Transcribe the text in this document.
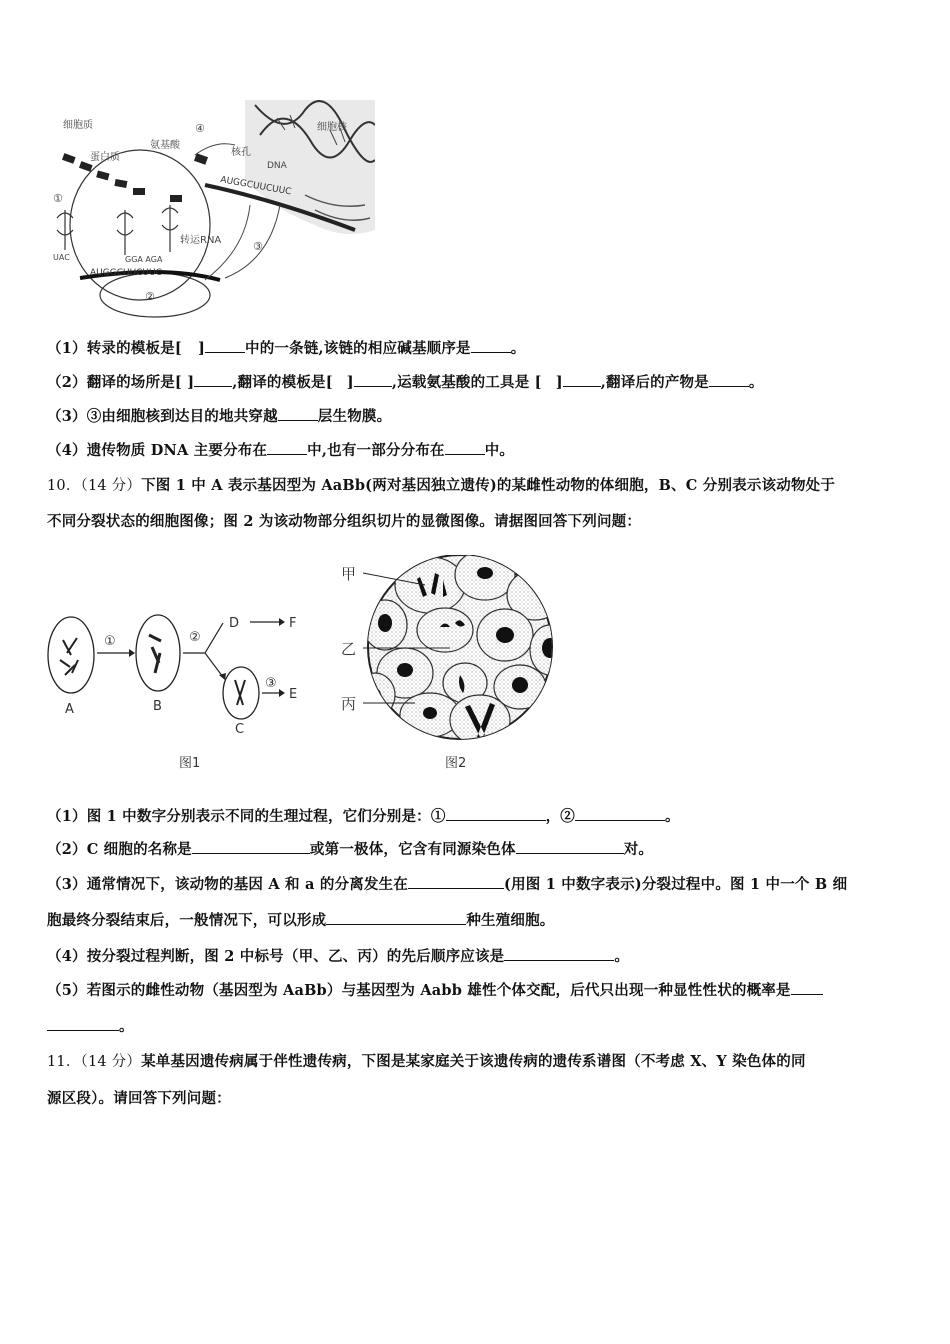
细胞质
蛋白质
氨基酸
④	细胞核
核孔
DNA
①
②
③
转运RNA
UAC	GGA AGA
AUGGCUUCUUC
AUGGCUUCUUC
（1）转录的模板是[ ]	中的一条链,该链的相应碱基顺序是	。
（2）翻译的场所是[ ]	,翻译的模板是[ ]	,运载氨基酸的工具是 [ ]	,翻译后的产物是	。
（3）③由细胞核到达目的地共穿越	层生物膜。
（4）遗传物质 DNA 主要分布在	中,也有一部分分布在	中。
10．（14 分）下图 1 中 A 表示基因型为 AaBb(两对基因独立遗传)的某雌性动物的体细胞，B、C 分别表示该动物处于
不同分裂状态的细胞图像；图 2 为该动物部分组织切片的显微图像。请据图回答下列问题：
①	②
③
A	B
C
D	F
E
图1
甲
乙
丙
图2
（1）图 1 中数字分别表示不同的生理过程，它们分别是：①	，②	。
（2）C 细胞的名称是	或第一极体，它含有同源染色体	对。
（3）通常情况下，该动物的基因 A 和 a 的分离发生在	(用图 1 中数字表示)分裂过程中。图 1 中一个 B 细
胞最终分裂结束后，一般情况下，可以形成	种生殖细胞。
（4）按分裂过程判断，图 2 中标号（甲、乙、丙）的先后顺序应该是	。
（5）若图示的雌性动物（基因型为 AaBb）与基因型为 Aabb 雄性个体交配，后代只出现一种显性性状的概率是
。
11．（14 分）某单基因遗传病属于伴性遗传病，下图是某家庭关于该遗传病的遗传系谱图（不考虑 X、Y 染色体的同
源区段）。请回答下列问题：
